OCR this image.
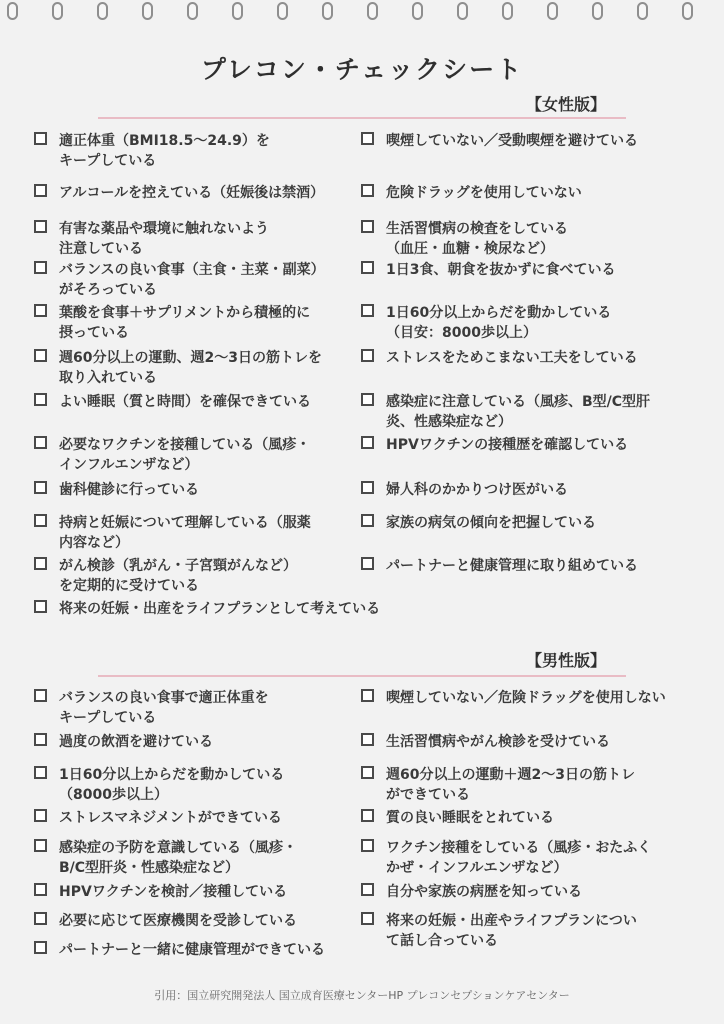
プレコン・チェックシート
【女性版】
適正体重（BMI18.5〜24.9）を
キープしている
アルコールを控えている（妊娠後は禁酒）
有害な薬品や環境に触れないよう
注意している
バランスの良い食事（主食・主菜・副菜）
がそろっている
葉酸を食事＋サプリメントから積極的に
摂っている
週60分以上の運動、週2〜3日の筋トレを
取り入れている
よい睡眠（質と時間）を確保できている
必要なワクチンを接種している（風疹・
インフルエンザなど）
歯科健診に行っている
持病と妊娠について理解している（服薬
内容など）
がん検診（乳がん・子宮頸がんなど）
を定期的に受けている
将来の妊娠・出産をライフプランとして考えている
喫煙していない／受動喫煙を避けている
危険ドラッグを使用していない
生活習慣病の検査をしている
（血圧・血糖・検尿など）
1日3食、朝食を抜かずに食べている
1日60分以上からだを動かしている
（目安：8000歩以上）
ストレスをためこまない工夫をしている
感染症に注意している（風疹、B型/C型肝
炎、性感染症など）
HPVワクチンの接種歴を確認している
婦人科のかかりつけ医がいる
家族の病気の傾向を把握している
パートナーと健康管理に取り組めている
【男性版】
バランスの良い食事で適正体重を
キープしている
過度の飲酒を避けている
1日60分以上からだを動かしている
（8000歩以上）
ストレスマネジメントができている
感染症の予防を意識している（風疹・
B/C型肝炎・性感染症など）
HPVワクチンを検討／接種している
必要に応じて医療機関を受診している
パートナーと一緒に健康管理ができている
喫煙していない／危険ドラッグを使用しない
生活習慣病やがん検診を受けている
週60分以上の運動＋週2〜3日の筋トレ
ができている
質の良い睡眠をとれている
ワクチン接種をしている（風疹・おたふく
かぜ・インフルエンザなど）
自分や家族の病歴を知っている
将来の妊娠・出産やライフプランについ
て話し合っている
引用：国立研究開発法人 国立成育医療センターHP プレコンセプションケアセンター
